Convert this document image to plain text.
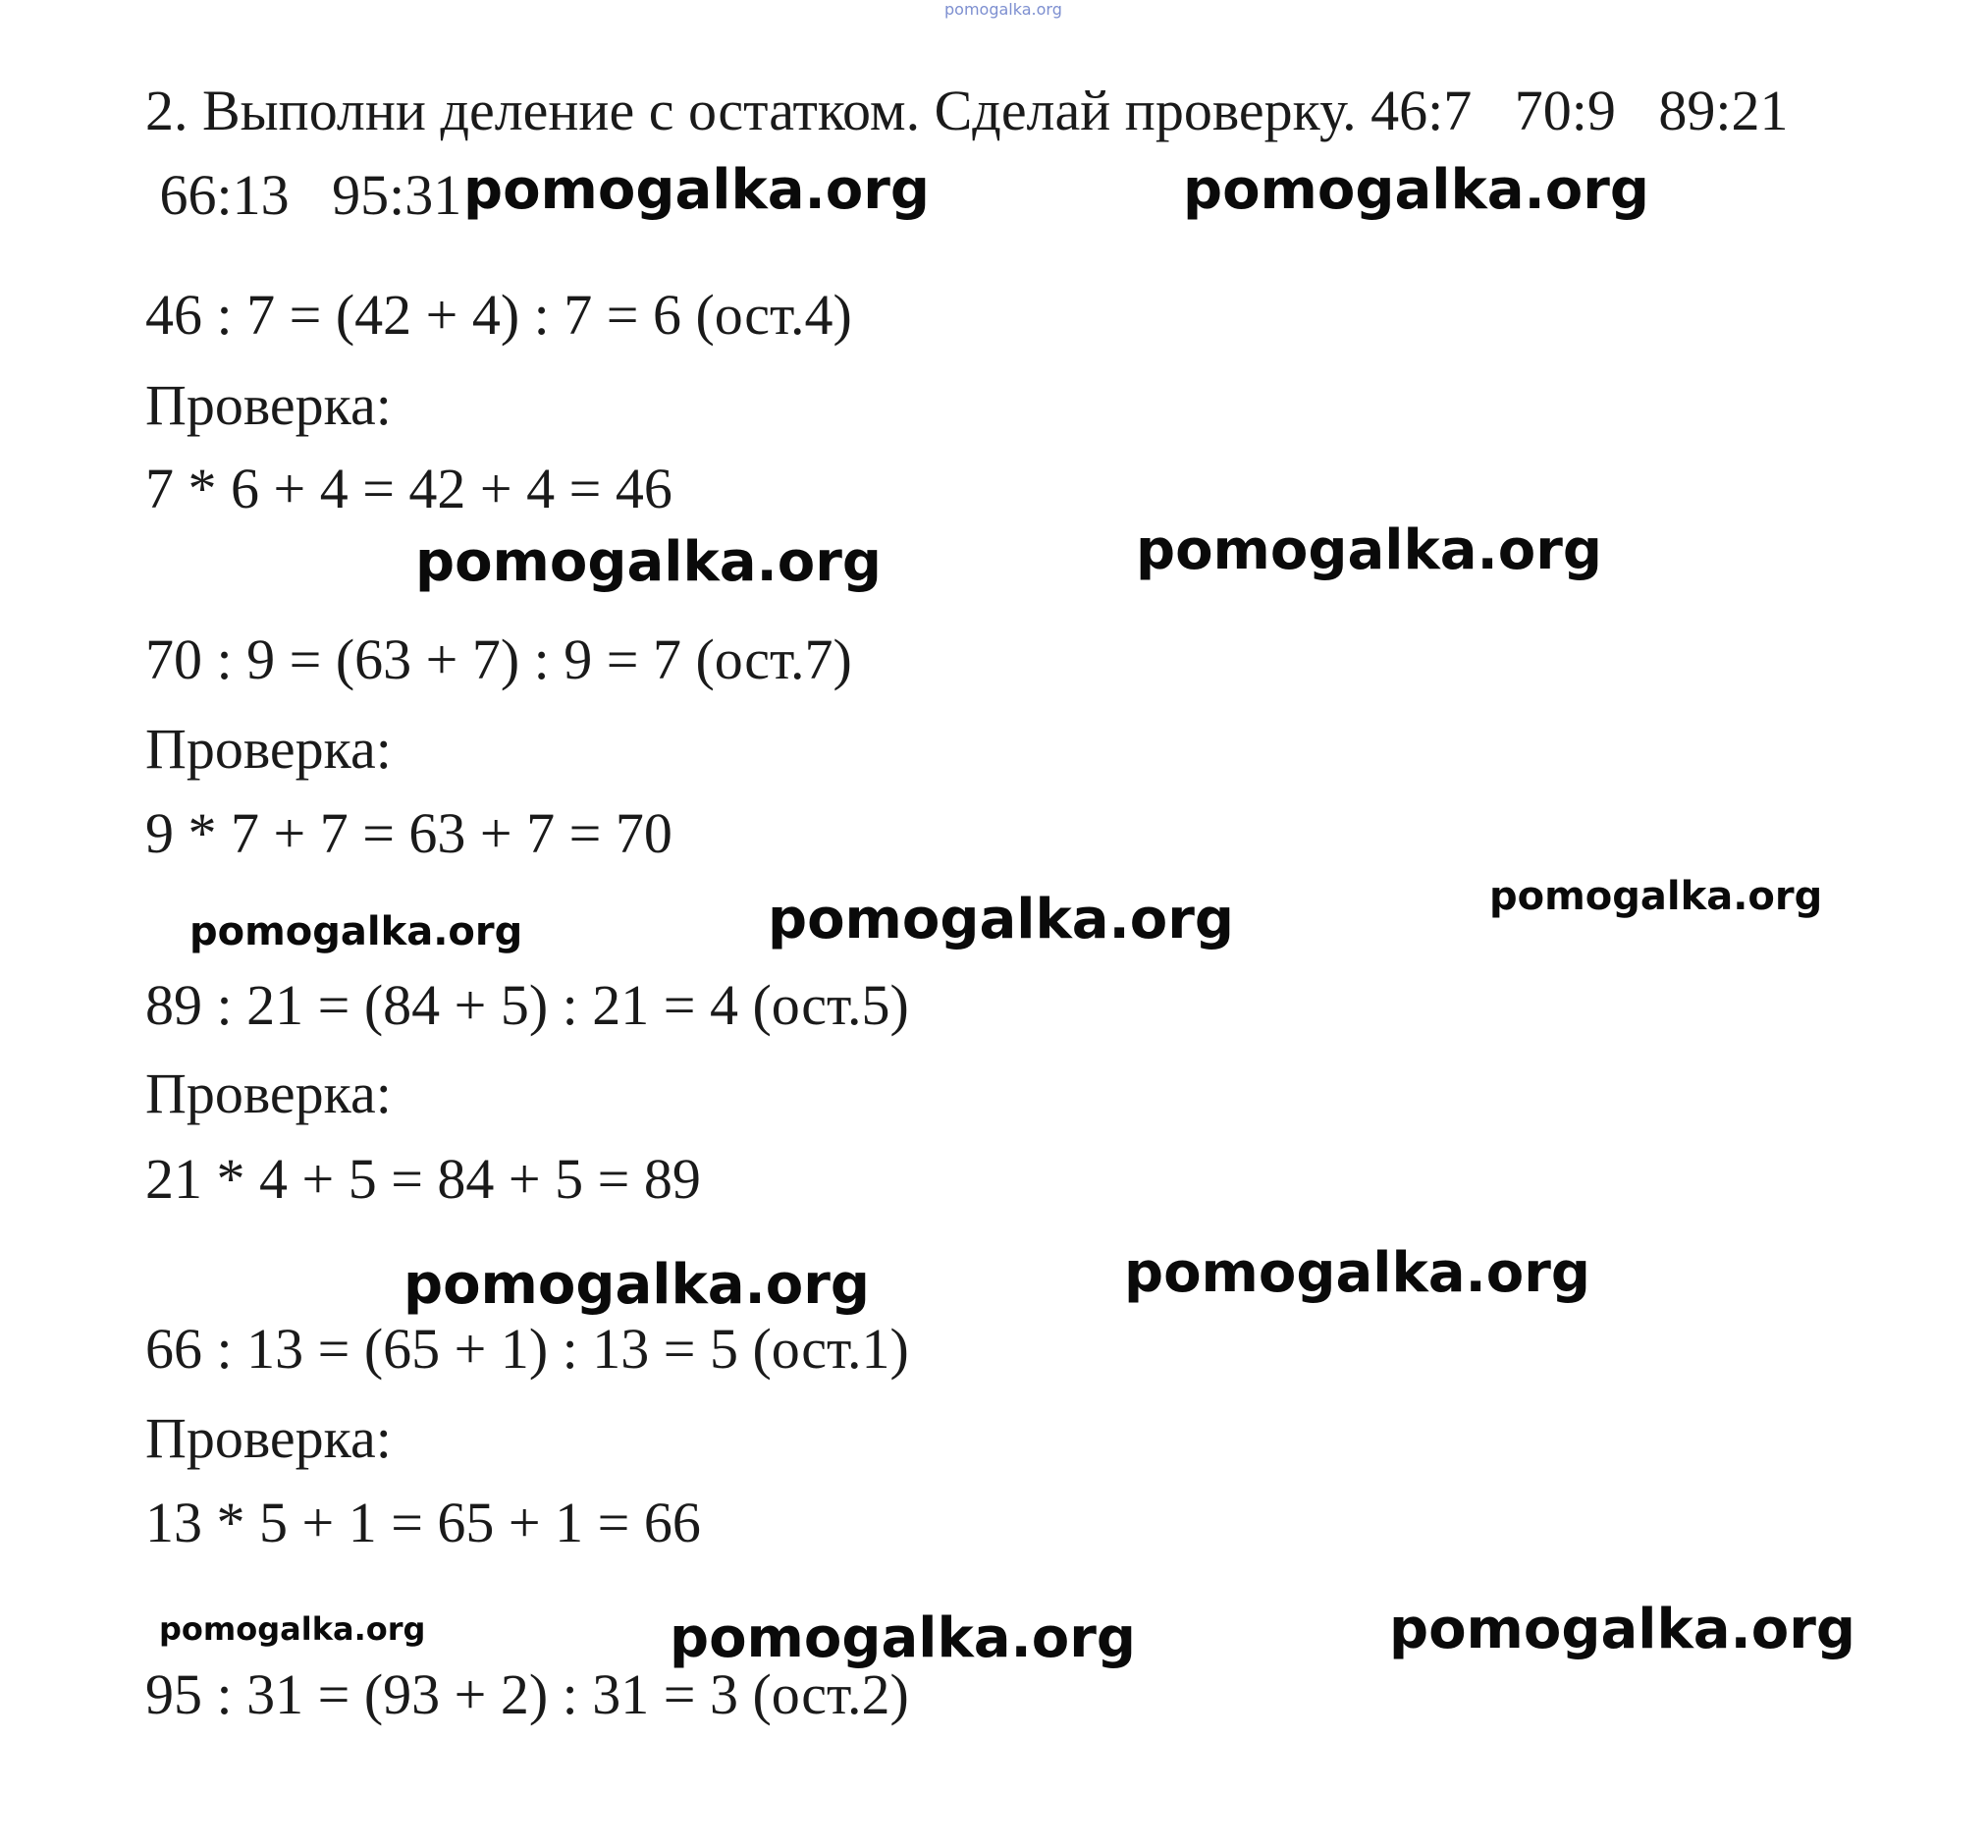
pomogalka.org
2. Выполни деление с остатком. Сделай проверку. 46:7   70:9   89:21
66:13   95:31 pomogalka.org	pomogalka.org
46 : 7 = (42 + 4) : 7 = 6 (ост.4)
Проверка:
7 * 6 + 4 = 42 + 4 = 46
pomogalka.org	pomogalka.org
70 : 9 = (63 + 7) : 9 = 7 (ост.7)
Проверка:
9 * 7 + 7 = 63 + 7 = 70
pomogalka.org	pomogalka.org	pomogalka.org
89 : 21 = (84 + 5) : 21 = 4 (ост.5)
Проверка:
21 * 4 + 5 = 84 + 5 = 89
pomogalka.org	pomogalka.org
66 : 13 = (65 + 1) : 13 = 5 (ост.1)
Проверка:
13 * 5 + 1 = 65 + 1 = 66
pomogalka.org	pomogalka.org	pomogalka.org
95 : 31 = (93 + 2) : 31 = 3 (ост.2)
